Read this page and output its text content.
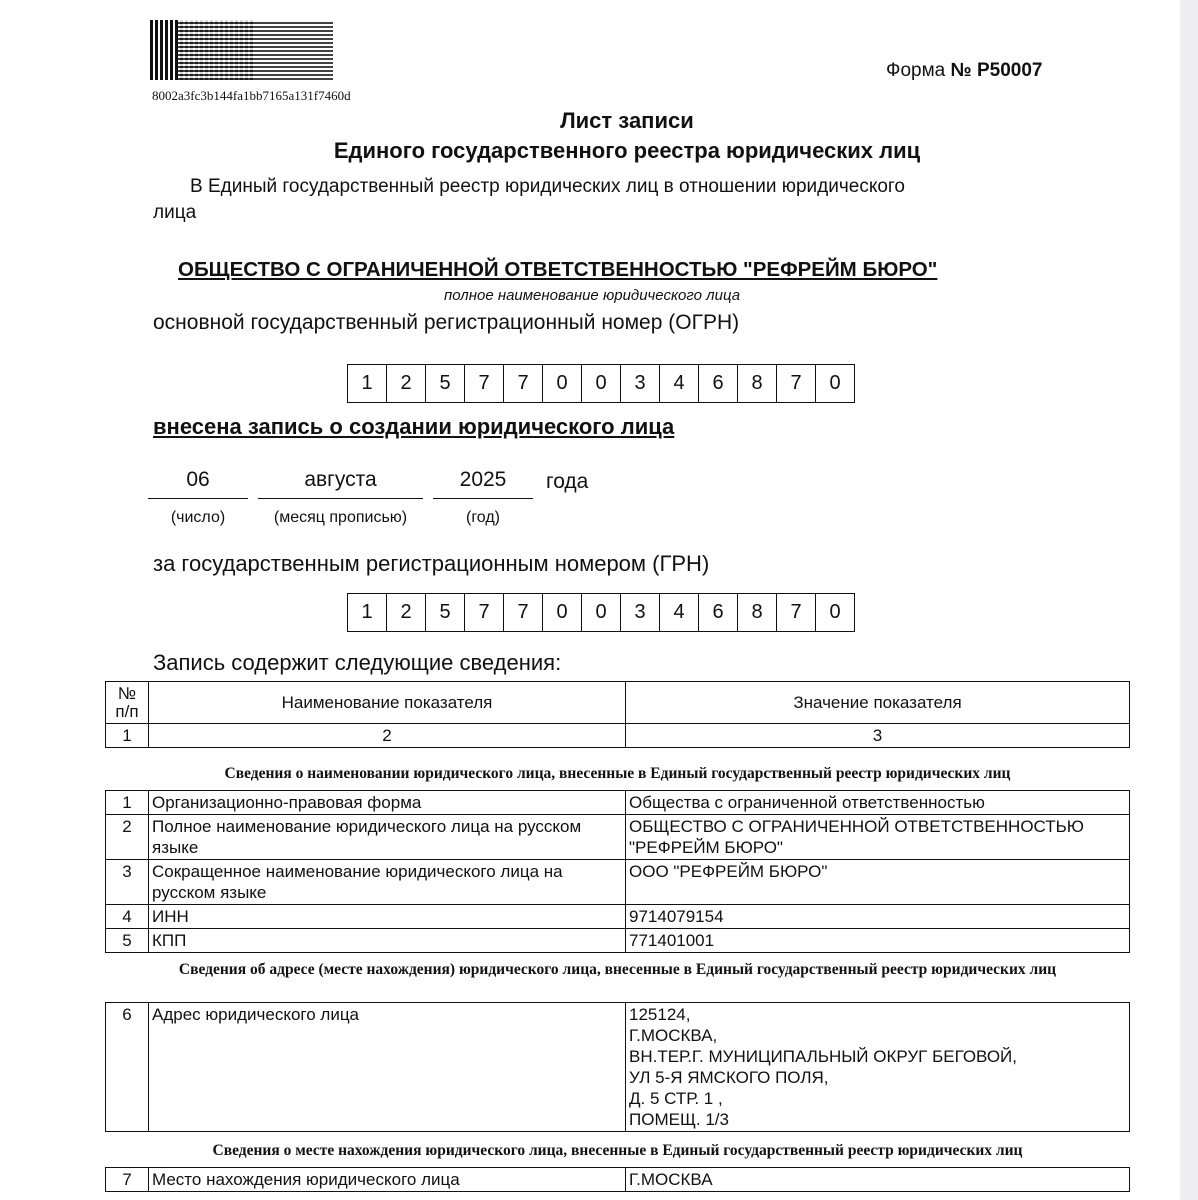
8002a3fc3b144fa1bb7165a131f7460d
Форма № Р50007
Лист записи
Единого государственного реестра юридических лиц
В Единый государственный реестр юридических лиц в отношении юридического
лица
ОБЩЕСТВО С ОГРАНИЧЕННОЙ ОТВЕТСТВЕННОСТЬЮ "РЕФРЕЙМ БЮРО"
полное наименование юридического лица
основной государственный регистрационный номер (ОГРН)
1	2	5	7	7	0	0	3	4	6	8	7	0
внесена запись о создании юридического лица
06	августа	2025	года
(число)	(месяц прописью)	(год)
за государственным регистрационным номером (ГРН)
1	2	5	7	7	0	0	3	4	6	8	7	0
Запись содержит следующие сведения:
№ п/п	Наименование показателя	Значение показателя
1	2	3
Сведения о наименовании юридического лица, внесенные в Единый государственный реестр юридических лиц
1	Организационно-правовая форма	Общества с ограниченной ответственностью
2	Полное наименование юридического лица на русском языке	ОБЩЕСТВО С ОГРАНИЧЕННОЙ ОТВЕТСТВЕННОСТЬЮ "РЕФРЕЙМ БЮРО"
3	Сокращенное наименование юридического лица на русском языке	ООО "РЕФРЕЙМ БЮРО"
4	ИНН	9714079154
5	КПП	771401001
Сведения об адресе (месте нахождения) юридического лица, внесенные в Единый государственный реестр юридических лиц
6	Адрес юридического лица	125124,
Г.МОСКВА,
ВН.ТЕР.Г. МУНИЦИПАЛЬНЫЙ ОКРУГ БЕГОВОЙ,
УЛ 5-Я ЯМСКОГО ПОЛЯ,
Д. 5 СТР. 1 ,
ПОМЕЩ. 1/3
Сведения о месте нахождения юридического лица, внесенные в Единый государственный реестр юридических лиц
7	Место нахождения юридического лица	Г.МОСКВА
